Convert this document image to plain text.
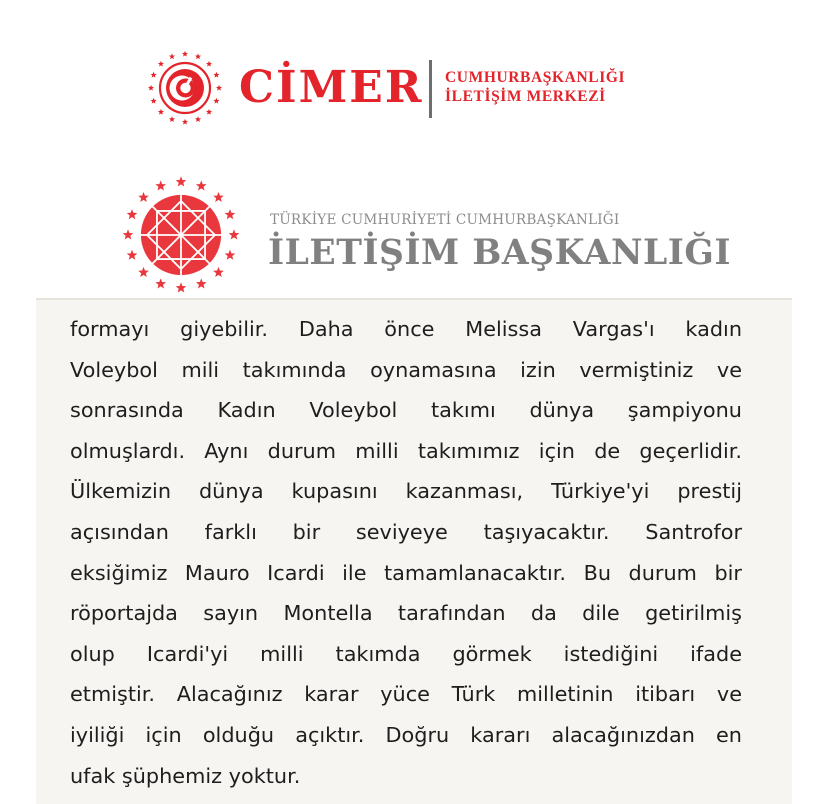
CİMER CUMHURBAŞKANLIĞI
İLETİŞİM MERKEZİ
TÜRKİYE CUMHURİYETİ CUMHURBAŞKANLIĞI
İLETİŞİM BAŞKANLIĞI
formayı giyebilir. Daha önce Melissa Vargas'ı kadın
Voleybol mili takımında oynamasına izin vermiştiniz ve
sonrasında Kadın Voleybol takımı dünya şampiyonu
olmuşlardı. Aynı durum milli takımımız için de geçerlidir.
Ülkemizin dünya kupasını kazanması, Türkiye'yi prestij
açısından farklı bir seviyeye taşıyacaktır. Santrofor
eksiğimiz Mauro Icardi ile tamamlanacaktır. Bu durum bir
röportajda sayın Montella tarafından da dile getirilmiş
olup Icardi'yi milli takımda görmek istediğini ifade
etmiştir. Alacağınız karar yüce Türk milletinin itibarı ve
iyiliği için olduğu açıktır. Doğru kararı alacağınızdan en
ufak şüphemiz yoktur.
